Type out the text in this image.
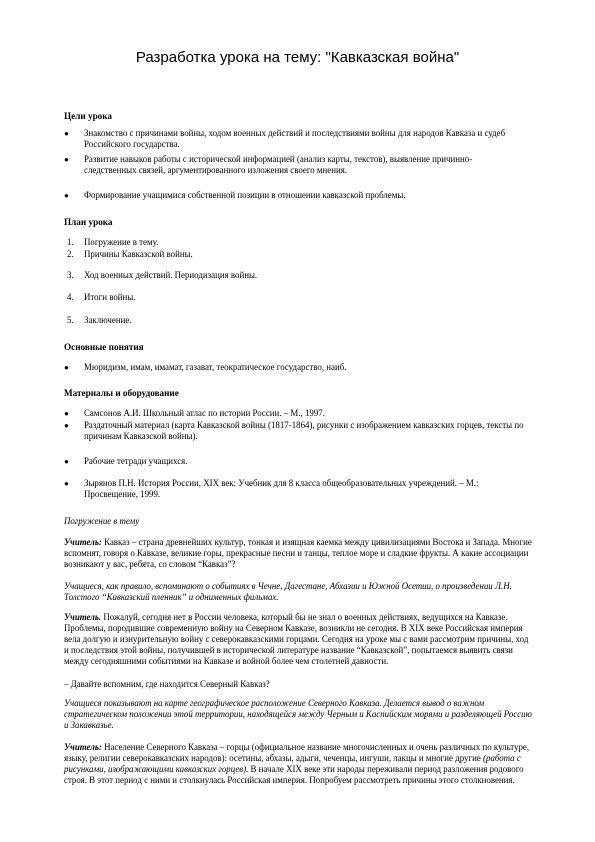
Разработка урока на тему: "Кавказская война"
Цели урока
● Знакомство с причинами войны, ходом военных действий и последствиями войны для народов Кавказа и судеб Российского государства.
● Развитие навыков работы с исторической информацией (анализ карты, текстов), выявление причинно-следственных связей, аргументированного изложения своего мнения.
● Формирование учащимися собственной позиции в отношении кавказской проблемы.
План урока
1. Погружение в тему.
2. Причины Кавказской войны.
3. Ход военных действий. Периодизация войны.
4. Итоги войны.
5. Заключение.
Основные понятия
● Мюридизм, имам, имамат, газават, теократическое государство, наиб.
Материалы и оборудование
● Самсонов А.И. Школьный атлас по истории России. – М., 1997.
● Раздаточный материал (карта Кавказской войны (1817-1864), рисунки с изображением кавказских горцев, тексты по причинам Кавказской войны).
● Рабочие тетради учащихся.
● Зырянов П.Н. История России, XIX век: Учебник для 8 класса общеобразовательных учреждений. – М.: Просвещение, 1999.
Погружение в тему
Учитель: Кавказ – страна древнейших культур, тонкая и изящная каемка между цивилизациями Востока и Запада. Многие вспомнят, говоря о Кавказе, великие горы, прекрасные песни и танцы, теплое море и сладкие фрукты. А какие ассоциации возникают у вас, ребята, со словом “Кавказ”?
Учащиеся, как правило, вспоминают о событиях в Чечне, Дагестане, Абхазии и Южной Осетии, о произведении Л.Н. Толстого “Кавказский пленник” и однименных фильмах.
Учитель. Пожалуй, сегодня нет в России человека, который бы не знал о военных действиях, ведущихся на Кавказе. Проблемы, породившие современную войну на Северном Кавказе, возникли не сегодня. В XIX веке Российская империя вела долгую и изнурительную войну с северокавказскими горцами. Сегодня на уроке мы с вами рассмотрим причины, ход и последствия этой войны, получившей в исторической литературе название “Кавказской”, попытаемся выявить связи между сегодняшними событиями на Кавказе и войной более чем столетней давности.
– Давайте вспомним, где находится Северный Кавказ?
Учащиеся показывают на карте географическое расположение Северного Кавказа. Делается вывод о важном стратегическом положении этой территории, находящейся между Черным и Каспийским морями и разделяющей Россию и Закавказье.
Учитель: Население Северного Кавказа – горцы (официальное название многочисленных и очень различных по культуре, языку, религии северокавказских народов): осетины, абхазы, адыги, чеченцы, ингуши, лакцы и многие другие (работа с рисунками, изображающими кавказских горцев). В начале XIX веке эти народы переживали период разложения родового строя. В этот период с ними и столкнулась Российская империя. Попробуем рассмотреть причины этого столкновения.
